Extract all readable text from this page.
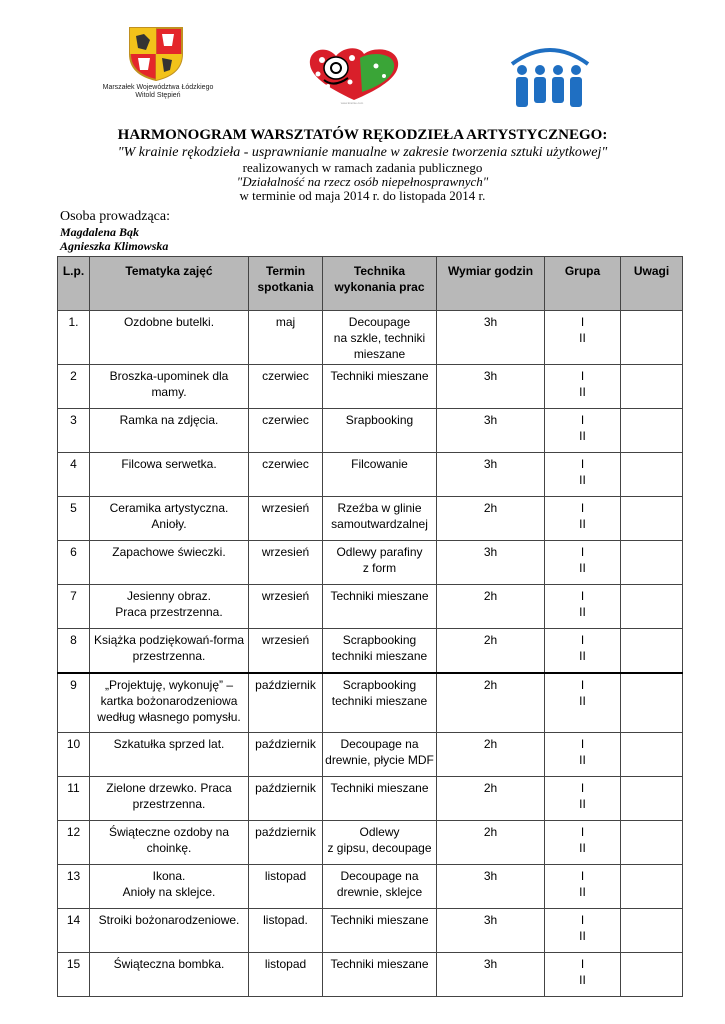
Marszałek Województwa Łódzkiego
Witold Stępień
www.krainie.com

HARMONOGRAM WARSZTATÓW RĘKODZIEŁA ARTYSTYCZNEGO:

"W krainie rękodzieła - usprawnianie manualne w zakresie tworzenia sztuki użytkowej"

realizowanych w ramach zadania publicznego

"Działalność na rzecz osób niepełnosprawnych"

w terminie od maja 2014 r. do listopada 2014 r.

Osoba prowadząca:
Magdalena Bąk
Agnieszka Klimowska
L.p.	Tematyka zajęć	Termin
spotkania	Technika
wykonania prac	Wymiar godzin	Grupa	Uwagi
1.	Ozdobne butelki.	maj	Decoupage
na szkle, techniki
mieszane	3h	I
II	
2	Broszka-upominek dla
mamy.	czerwiec	Techniki mieszane	3h	I
II	
3	Ramka na zdjęcia.	czerwiec	Srapbooking	3h	I
II	
4	Filcowa serwetka.	czerwiec	Filcowanie	3h	I
II	
5	Ceramika artystyczna.
Anioły.	wrzesień	Rzeźba w glinie
samoutwardzalnej	2h	I
II	
6	Zapachowe świeczki.	wrzesień	Odlewy parafiny
z form	3h	I
II	
7	Jesienny obraz.
Praca przestrzenna.	wrzesień	Techniki mieszane	2h	I
II	
8	Książka podziękowań-forma
przestrzenna.	wrzesień	Scrapbooking
techniki mieszane	2h	I
II	
9	„Projektuję, wykonuję” –
kartka bożonarodzeniowa
według własnego pomysłu.	październik	Scrapbooking
techniki mieszane	2h	I
II	
10	Szkatułka sprzed lat.	październik	Decoupage na
drewnie, płycie MDF	2h	I
II	
11	Zielone drzewko. Praca
przestrzenna.	październik	Techniki mieszane	2h	I
II	
12	Świąteczne ozdoby na
choinkę.	październik	Odlewy
z gipsu, decoupage	2h	I
II	
13	Ikona.
Anioły na sklejce.	listopad	Decoupage na
drewnie, sklejce	3h	I
II	
14	Stroiki bożonarodzeniowe.	listopad.	Techniki mieszane	3h	I
II	
15	Świąteczna bombka.	listopad	Techniki mieszane	3h	I
II	
